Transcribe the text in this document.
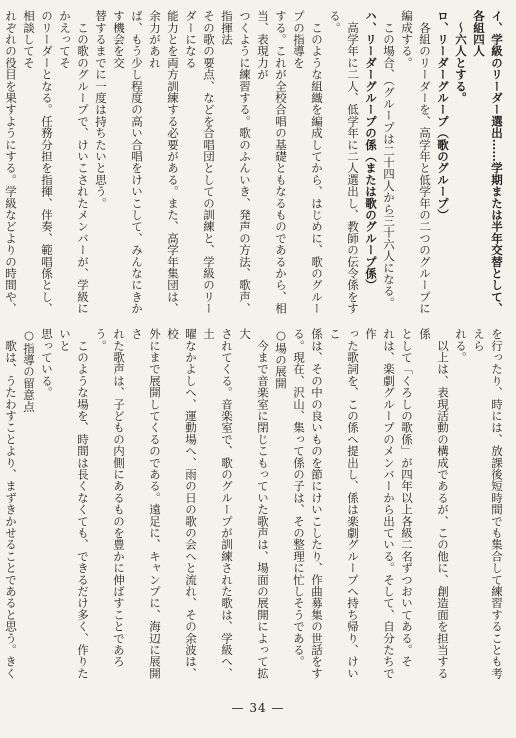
イ、学級のリーダー選出……学期または半年交替として、各組四人
　〜六人とする。
ロ、リーダーグループ（歌のグループ）
　各組のリーダーを、高学年と低学年の二つのグループに編成する。
　この場合、（グループは二十四人から三十六人になる。
ハ、リーダーグループの係（または歌のグループ係）
　高学年に二人、低学年に二人選出し、教師の伝令係をする。
　このような組織を編成してから、はじめに、歌のグループの指導を
する。これが全校合唱の基礎ともなるものであるから、相当、表現力が
つくように練習する。歌のふんいき、発声の方法、歌声、指揮法
その歌の要点、などを合唱団としての訓練と、学級のリーダーになる
能力とを両方訓練する必要がある。また、高学年集団は、余力があれ
ば、もう少し程度の高い合唱をけいこして、みんなにきかす機会を交
替するまでに一度は持ちたいと思う。
　この歌のグループで、けいこされたメンバーが、学級にかえってそ
のリーダーとなる。任務分担を指揮、伴奏、範唱係とし、相談してそ
れぞれの役目を果すようにする。学級などよりの時間や、
を行ったり、時には、放課後短時間でも集合して練習することも考えら
れる。
　以上は、表現活動の構成であるが、この他に、創造面を担当する係
として「くろしの歌係」が四年以上各級二名ずつおいてある。そ
れは、楽劇グループのメンバーから出ている。そして、自分たちで作
った歌詞を、この係へ提出し、係は楽劇グループへ持ち帰り、けいこ
係は、その中の良いものを節にけいこしたり、作曲募集の世話をす
る。現在、沢山、集って係の子は、その整理に忙しそうである。
○場の展開
　今まで音楽室に閉じこもっていた歌声は、場面の展開によって拡大
されてくる。音楽室で、歌のグループが訓練された歌は、学級へ、土
曜なかよしへ、運動場へ、雨の日の歌の会へと流れ、その余波は、校
外にまで展開してくるのである。遠足に、キャンプに、海辺に展開さ
れた歌声は、子どもの内側にあるものを豊かに伸ばすことであろう。
　このような場を、時間は長くなくても、できるだけ多く、作りたいと
思っている。
○指導の留意点
　歌は、うたわすことより、まずきかせることであると思う。きく
— 34 —
